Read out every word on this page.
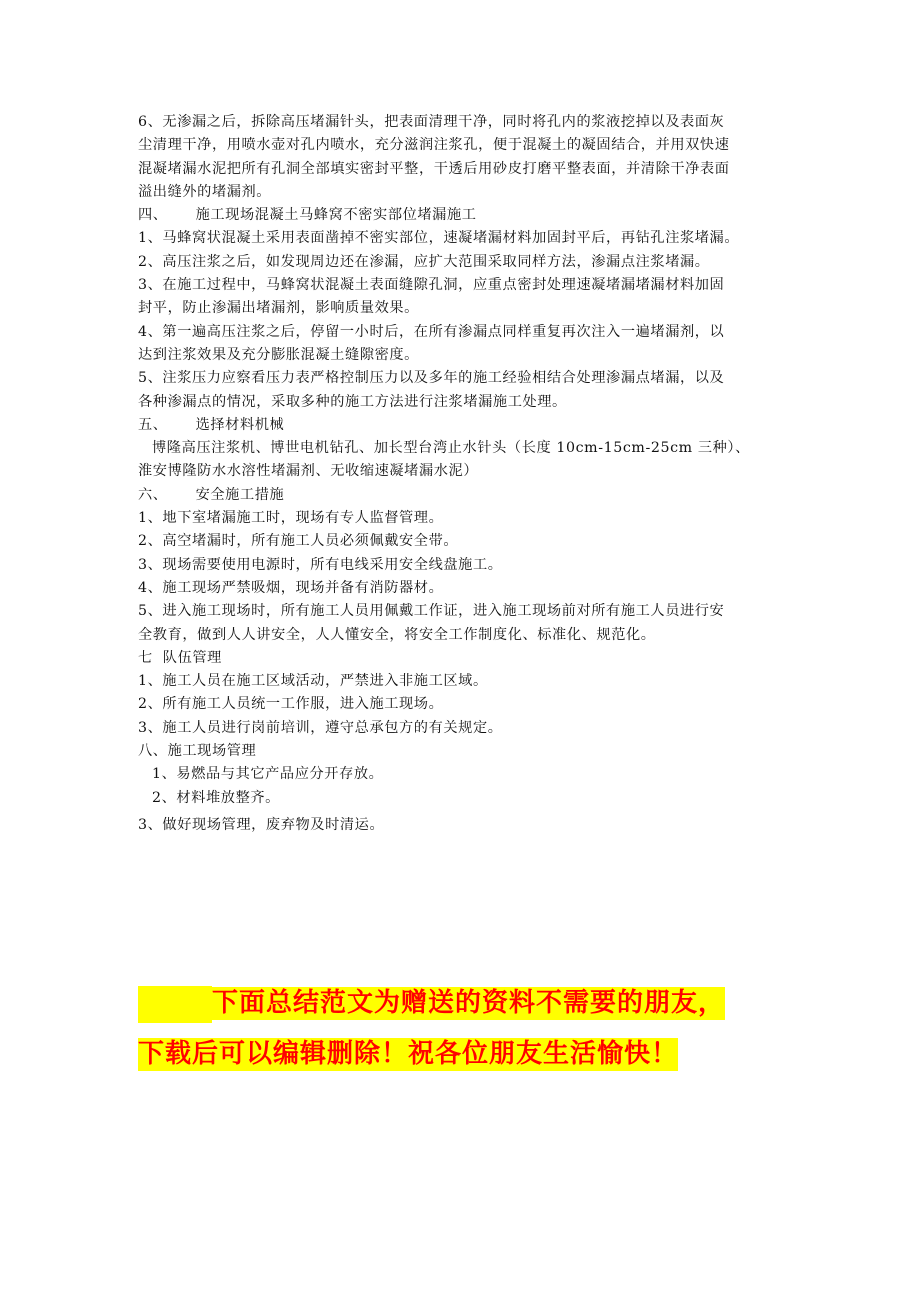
6、无渗漏之后，拆除高压堵漏针头，把表面清理干净，同时将孔内的浆液挖掉以及表面灰
尘清理干净，用喷水壶对孔内喷水，充分滋润注浆孔，便于混凝土的凝固结合，并用双快速
混凝堵漏水泥把所有孔洞全部填实密封平整，干透后用砂皮打磨平整表面，并清除干净表面
溢出缝外的堵漏剂。
四、 施工现场混凝土马蜂窝不密实部位堵漏施工
1、马蜂窝状混凝土采用表面凿掉不密实部位，速凝堵漏材料加固封平后，再钻孔注浆堵漏。
2、高压注浆之后，如发现周边还在渗漏，应扩大范围采取同样方法，渗漏点注浆堵漏。
3、在施工过程中，马蜂窝状混凝土表面缝隙孔洞，应重点密封处理速凝堵漏堵漏材料加固
封平，防止渗漏出堵漏剂，影响质量效果。
4、第一遍高压注浆之后，停留一小时后，在所有渗漏点同样重复再次注入一遍堵漏剂，以
达到注浆效果及充分膨胀混凝土缝隙密度。
5、注浆压力应察看压力表严格控制压力以及多年的施工经验相结合处理渗漏点堵漏，以及
各种渗漏点的情况，采取多种的施工方法进行注浆堵漏施工处理。
五、 选择材料机械
博隆高压注浆机、博世电机钻孔、加长型台湾止水针头（长度 10cm-15cm-25cm 三种）、
淮安博隆防水水溶性堵漏剂、无收缩速凝堵漏水泥）
六、 安全施工措施
1、地下室堵漏施工时，现场有专人监督管理。
2、高空堵漏时，所有施工人员必须佩戴安全带。
3、现场需要使用电源时，所有电线采用安全线盘施工。
4、施工现场严禁吸烟，现场并备有消防器材。
5、进入施工现场时，所有施工人员用佩戴工作证，进入施工现场前对所有施工人员进行安
全教育，做到人人讲安全，人人懂安全，将安全工作制度化、标准化、规范化。
七 队伍管理
1、施工人员在施工区域活动，严禁进入非施工区域。
2、所有施工人员统一工作服，进入施工现场。
3、施工人员进行岗前培训，遵守总承包方的有关规定。
八、施工现场管理
1、易燃品与其它产品应分开存放。
2、材料堆放整齐。
3、做好现场管理，废弃物及时清运。
下面总结范文为赠送的资料不需要的朋友，
下载后可以编辑删除！祝各位朋友生活愉快！
